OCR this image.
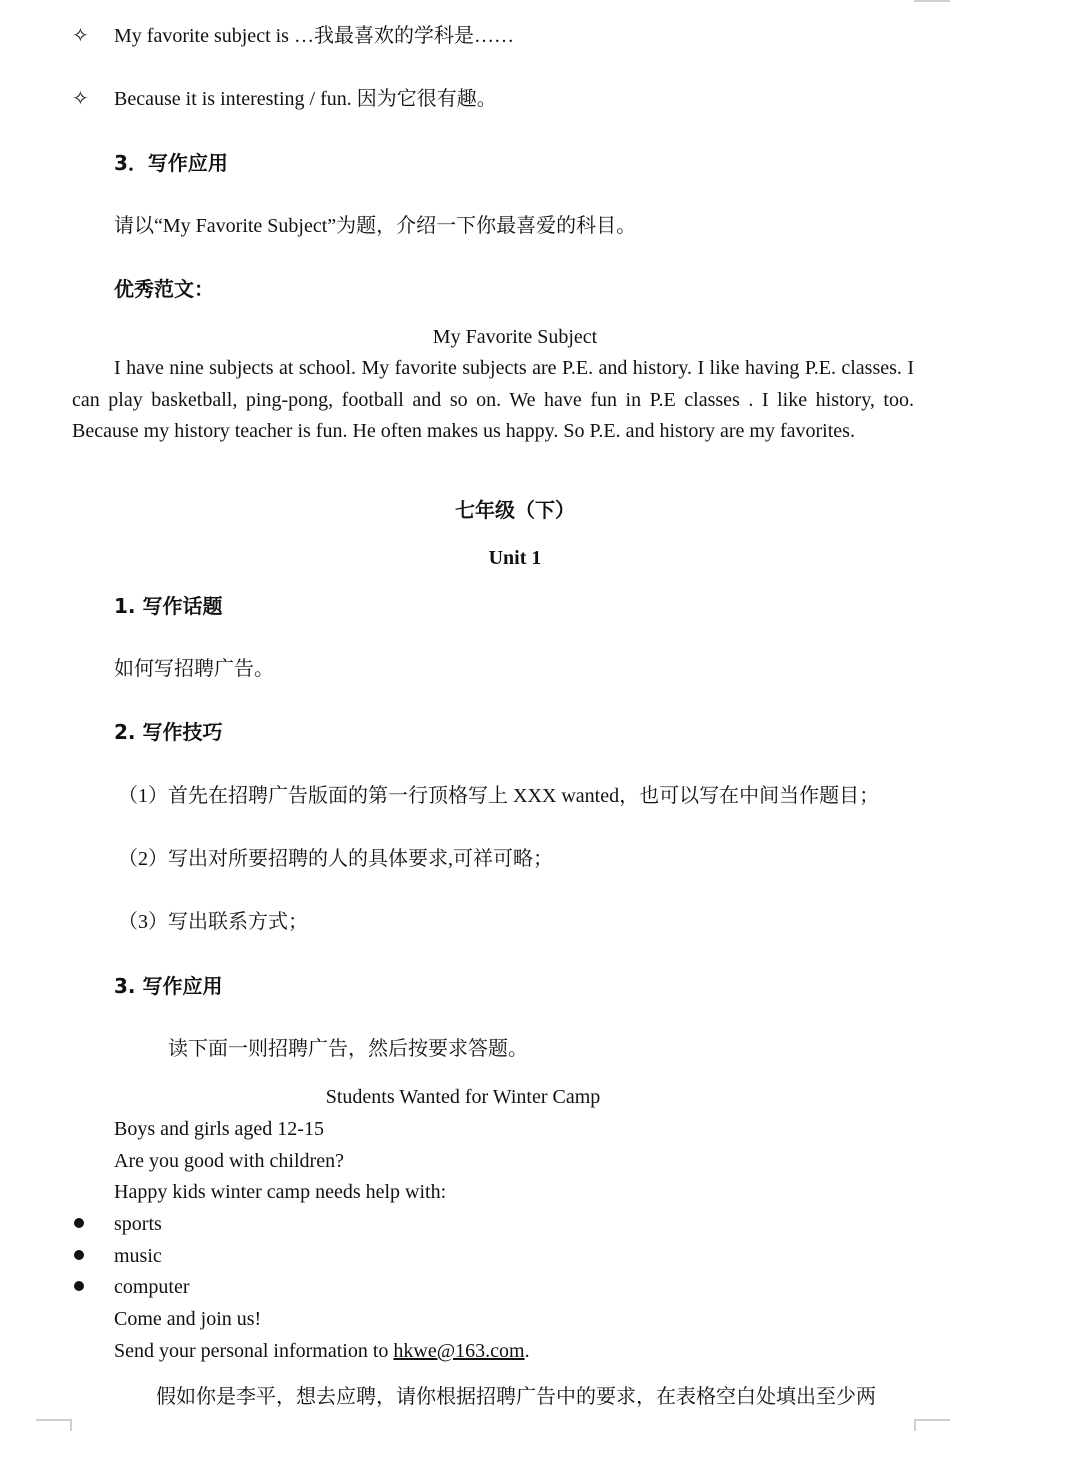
✧ My favorite subject is …我最喜欢的学科是……
✧ Because it is interesting / fun. 因为它很有趣。
3．写作应用
请以“My Favorite Subject”为题，介绍一下你最喜爱的科目。
优秀范文：
My Favorite Subject
I have nine subjects at school. My favorite subjects are P.E. and history. I like having P.E. classes. I can play basketball, ping-pong, football and so on. We have fun in P.E classes . I like history, too. Because my history teacher is fun. He often makes us happy. So P.E. and history are my favorites.
七年级（下）
Unit 1
1. 写作话题
如何写招聘广告。
2. 写作技巧
（1）首先在招聘广告版面的第一行顶格写上 XXX wanted，也可以写在中间当作题目；
（2）写出对所要招聘的人的具体要求,可祥可略；
（3）写出联系方式；
3. 写作应用
读下面一则招聘广告，然后按要求答题。
Students Wanted for Winter Camp
Boys and girls aged 12-15
Are you good with children?
Happy kids winter camp needs help with:
sports
music
computer
Come and join us!
Send your personal information to hkwe@163.com.
假如你是李平，想去应聘，请你根据招聘广告中的要求，在表格空白处填出至少两
